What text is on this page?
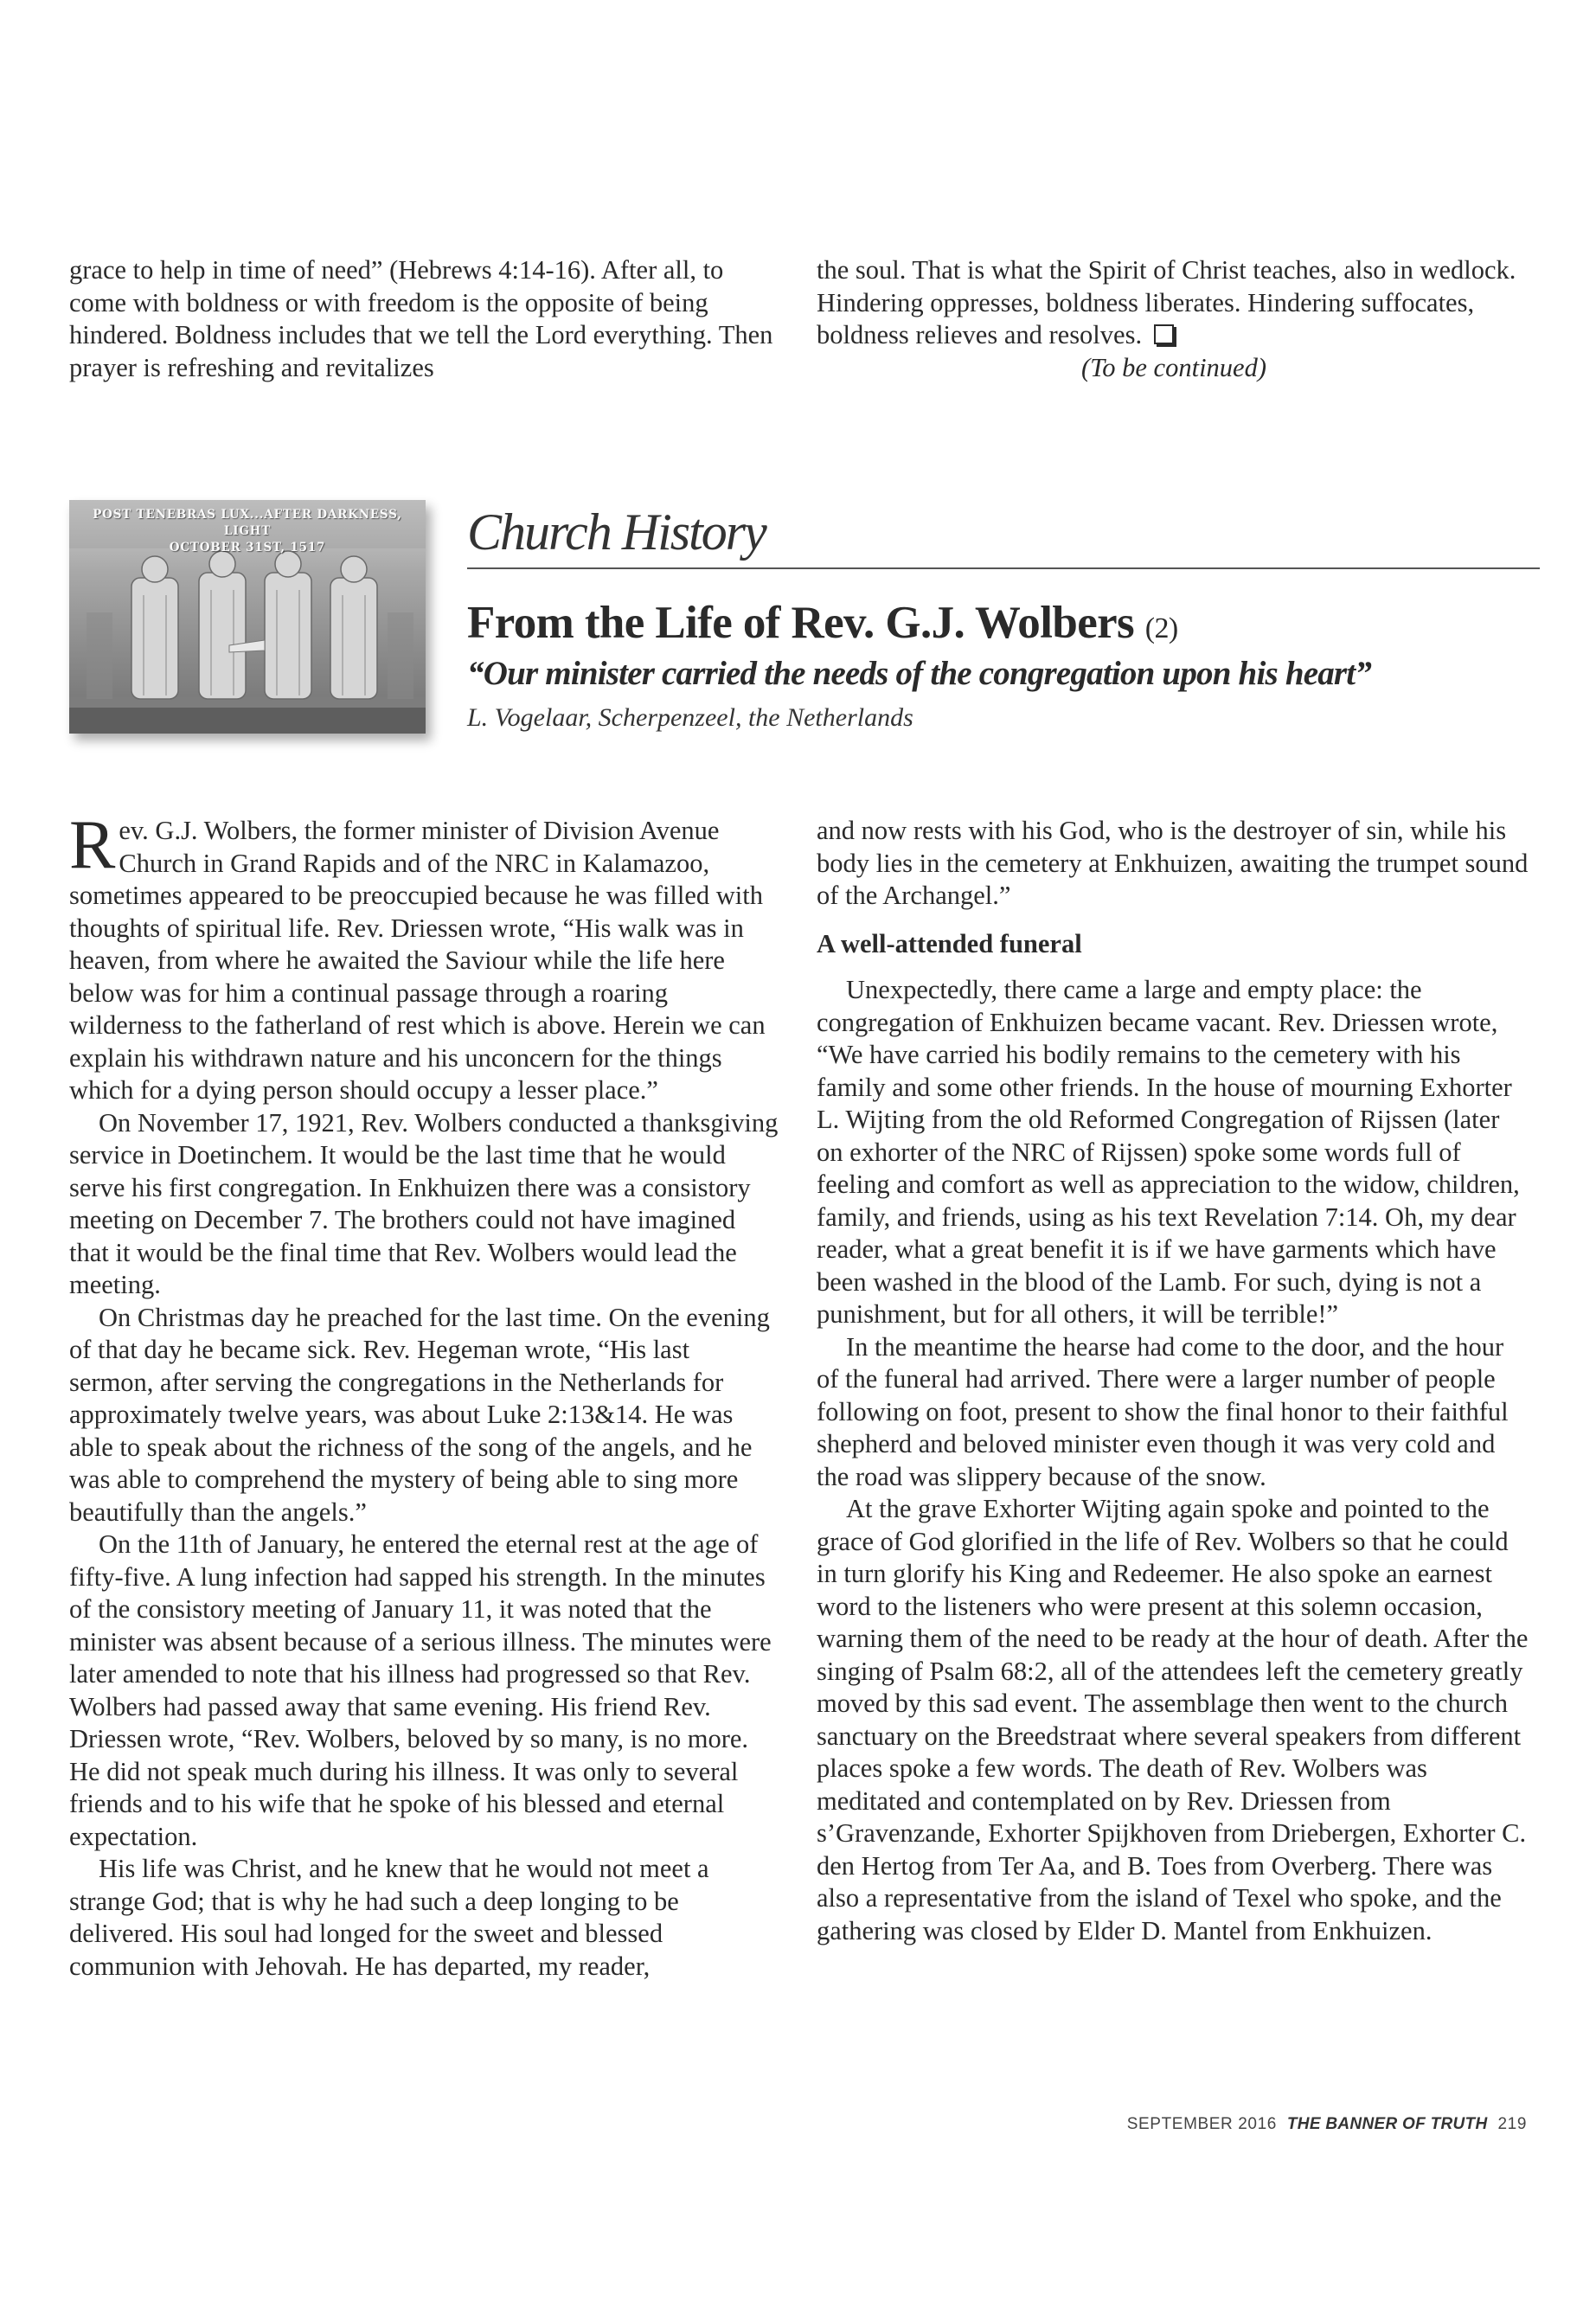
grace to help in time of need” (Hebrews 4:14-16). After all, to come with boldness or with freedom is the opposite of being hindered. Boldness includes that we tell the Lord everything. Then prayer is refreshing and revitalizes

the soul. That is what the Spirit of Christ teaches, also in wedlock. Hindering oppresses, boldness liberates. Hindering suffocates, boldness relieves and resolves.

(To be continued)

POST TENEBRAS LUX...AFTER DARKNESS, LIGHT
OCTOBER 31ST, 1517	Church History
From the Life of Rev. G.J. Wolbers (2)
“Our minister carried the needs of the congregation upon his heart”
L. Vogelaar, Scherpenzeel, the Netherlands

Rev. G.J. Wolbers, the former minister of Division Avenue Church in Grand Rapids and of the NRC in Kalamazoo, sometimes appeared to be preoccupied because he was filled with thoughts of spiritual life. Rev. Driessen wrote, “His walk was in heaven, from where he awaited the Saviour while the life here below was for him a continual passage through a roaring wilderness to the fatherland of rest which is above. Herein we can explain his withdrawn nature and his unconcern for the things which for a dying person should occupy a lesser place.”

On November 17, 1921, Rev. Wolbers conducted a thanksgiving service in Doetinchem. It would be the last time that he would serve his first congregation. In Enkhuizen there was a consistory meeting on December 7. The brothers could not have imagined that it would be the final time that Rev. Wolbers would lead the meeting.

On Christmas day he preached for the last time. On the evening of that day he became sick. Rev. Hegeman wrote, “His last sermon, after serving the congregations in the Netherlands for approximately twelve years, was about Luke 2:13&14. He was able to speak about the richness of the song of the angels, and he was able to comprehend the mystery of being able to sing more beautifully than the angels.”

On the 11th of January, he entered the eternal rest at the age of fifty-five. A lung infection had sapped his strength. In the minutes of the consistory meeting of January 11, it was noted that the minister was absent because of a serious illness. The minutes were later amended to note that his illness had progressed so that Rev. Wolbers had passed away that same evening. His friend Rev. Driessen wrote, “Rev. Wolbers, beloved by so many, is no more. He did not speak much during his illness. It was only to several friends and to his wife that he spoke of his blessed and eternal expectation.

His life was Christ, and he knew that he would not meet a strange God; that is why he had such a deep longing to be delivered. His soul had longed for the sweet and blessed communion with Jehovah. He has departed, my reader,

and now rests with his God, who is the destroyer of sin, while his body lies in the cemetery at Enkhuizen, awaiting the trumpet sound of the Archangel.”

A well-attended funeral

Unexpectedly, there came a large and empty place: the congregation of Enkhuizen became vacant. Rev. Driessen wrote, “We have carried his bodily remains to the cemetery with his family and some other friends. In the house of mourning Exhorter L. Wijting from the old Reformed Congregation of Rijssen (later on exhorter of the NRC of Rijssen) spoke some words full of feeling and comfort as well as appreciation to the widow, children, family, and friends, using as his text Revelation 7:14. Oh, my dear reader, what a great benefit it is if we have garments which have been washed in the blood of the Lamb. For such, dying is not a punishment, but for all others, it will be terrible!”

In the meantime the hearse had come to the door, and the hour of the funeral had arrived. There were a larger number of people following on foot, present to show the final honor to their faithful shepherd and beloved minister even though it was very cold and the road was slippery because of the snow.

At the grave Exhorter Wijting again spoke and pointed to the grace of God glorified in the life of Rev. Wolbers so that he could in turn glorify his King and Redeemer. He also spoke an earnest word to the listeners who were present at this solemn occasion, warning them of the need to be ready at the hour of death. After the singing of Psalm 68:2, all of the attendees left the cemetery greatly moved by this sad event. The assemblage then went to the church sanctuary on the Breedstraat where several speakers from different places spoke a few words. The death of Rev. Wolbers was meditated and contemplated on by Rev. Driessen from s’Gravenzande, Exhorter Spijkhoven from Driebergen, Exhorter C. den Hertog from Ter Aa, and B. Toes from Overberg. There was also a representative from the island of Texel who spoke, and the gathering was closed by Elder D. Mantel from Enkhuizen.

SEPTEMBER 2016 THE BANNER OF TRUTH 219
